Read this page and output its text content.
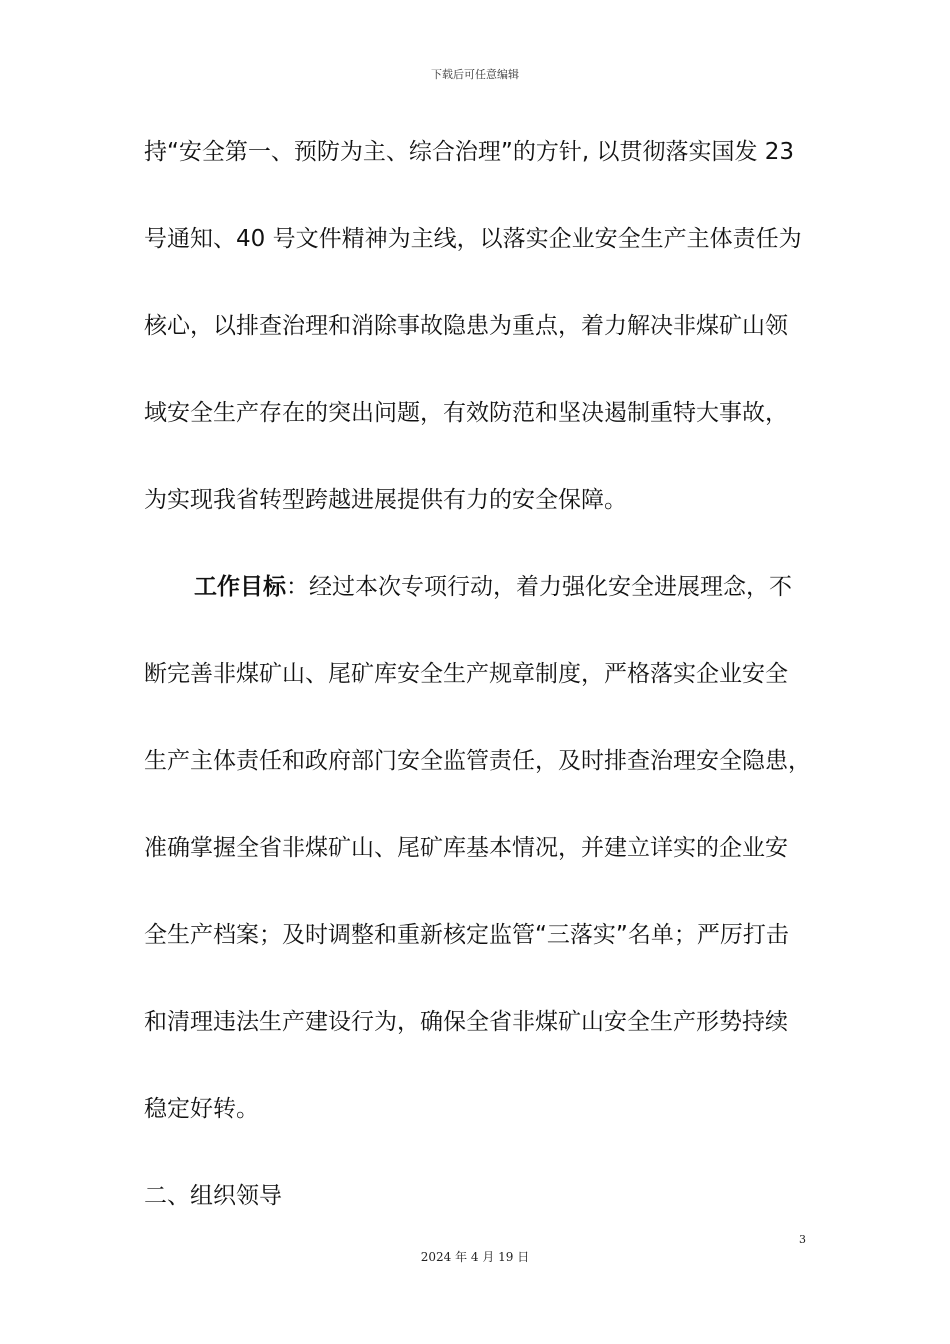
下载后可任意编辑
持“安全第一、预防为主、综合治理”的方针, 以贯彻落实国发 23
号通知、40 号文件精神为主线，以落实企业安全生产主体责任为
核心，以排查治理和消除事故隐患为重点，着力解决非煤矿山领
域安全生产存在的突出问题，有效防范和坚决遏制重特大事故，
为实现我省转型跨越进展提供有力的安全保障。
工作目标：经过本次专项行动，着力强化安全进展理念，不
断完善非煤矿山、尾矿库安全生产规章制度，严格落实企业安全
生产主体责任和政府部门安全监管责任，及时排查治理安全隐患，
准确掌握全省非煤矿山、尾矿库基本情况，并建立详实的企业安
全生产档案；及时调整和重新核定监管“三落实”名单；严厉打击
和清理违法生产建设行为，确保全省非煤矿山安全生产形势持续
稳定好转。
二、组织领导
3
2024 年 4 月 19 日
